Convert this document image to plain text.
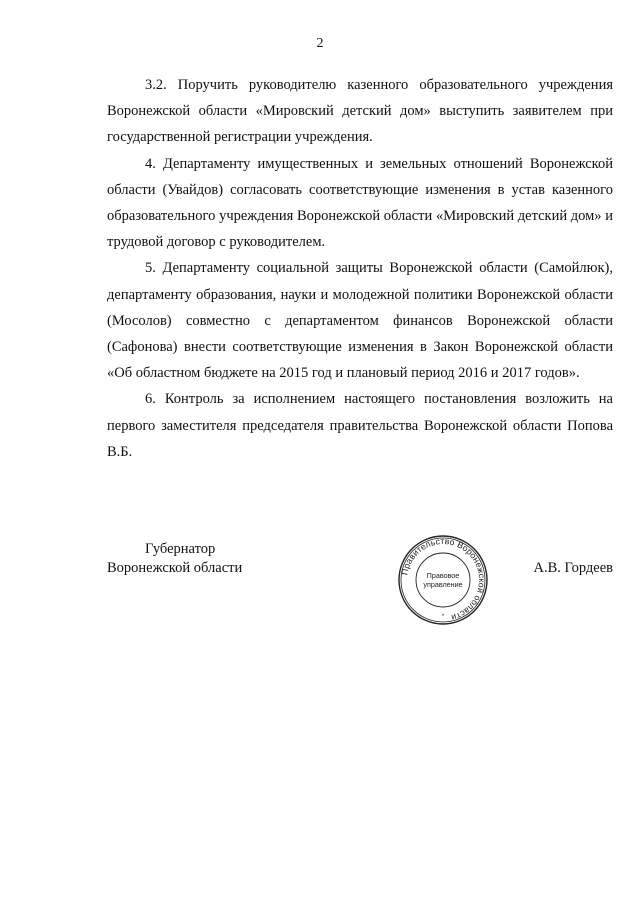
2

3.2. Поручить руководителю казенного образовательного учреждения Воронежской области «Мировский детский дом» выступить заявителем при государственной регистрации учреждения.

4. Департаменту имущественных и земельных отношений Воронежской области (Увайдов) согласовать соответствующие изменения в устав казенного образовательного учреждения Воронежской области «Мировский детский дом» и трудовой договор с руководителем.

5. Департаменту социальной защиты Воронежской области (Самойлюк), департаменту образования, науки и молодежной политики Воронежской области (Мосолов) совместно с департаментом финансов Воронежской области (Сафонова) внести соответствующие изменения в Закон Воронежской области «Об областном бюджете на 2015 год и плановый период 2016 и 2017 годов».

6. Контроль за исполнением настоящего постановления возложить на первого заместителя председателя правительства Воронежской области Попова В.Б.

Губернатор
Воронежской области	Правительство Воронежской области
Правовое
управление
*
А.В. Гордеев
